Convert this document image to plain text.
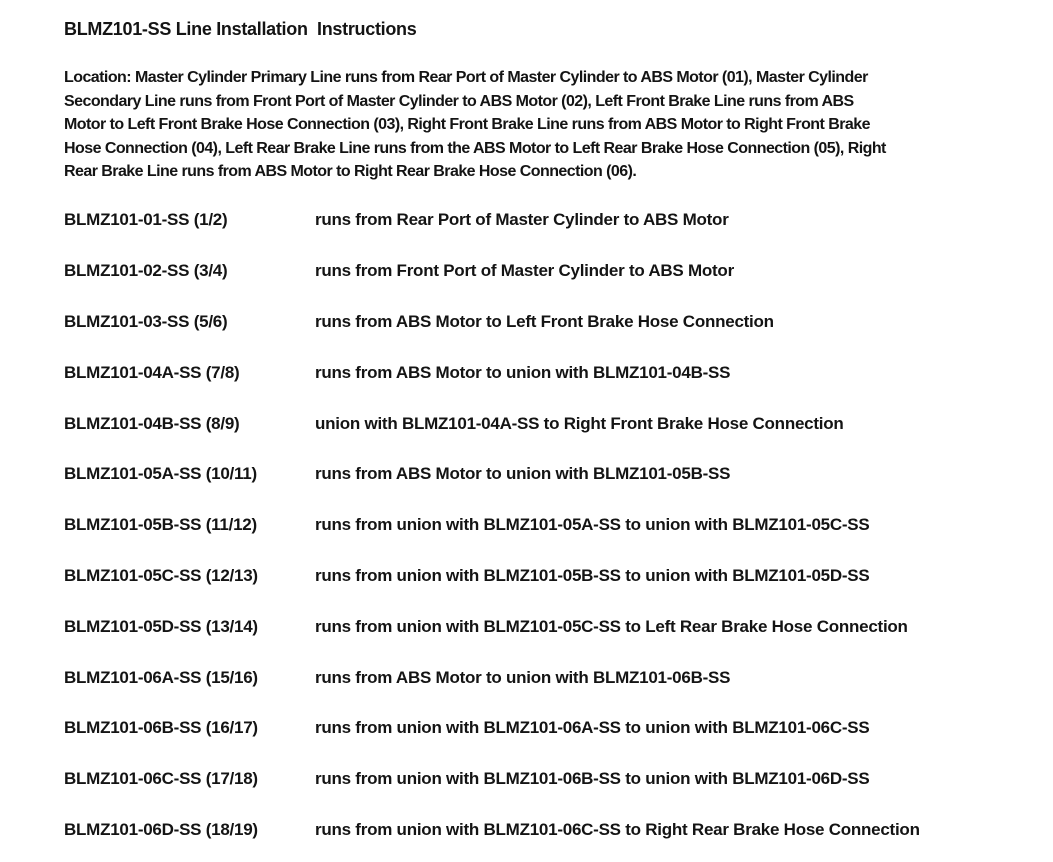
BLMZ101-SS Line Installation  Instructions
Location: Master Cylinder Primary Line runs from Rear Port of Master Cylinder to ABS Motor (01), Master Cylinder
Secondary Line runs from Front Port of Master Cylinder to ABS Motor (02), Left Front Brake Line runs from ABS
Motor to Left Front Brake Hose Connection (03), Right Front Brake Line runs from ABS Motor to Right Front Brake
Hose Connection (04), Left Rear Brake Line runs from the ABS Motor to Left Rear Brake Hose Connection (05), Right
Rear Brake Line runs from ABS Motor to Right Rear Brake Hose Connection (06).
BLMZ101-01-SS (1/2)	runs from Rear Port of Master Cylinder to ABS Motor
BLMZ101-02-SS (3/4)	runs from Front Port of Master Cylinder to ABS Motor
BLMZ101-03-SS (5/6)	runs from ABS Motor to Left Front Brake Hose Connection
BLMZ101-04A-SS (7/8)	runs from ABS Motor to union with BLMZ101-04B-SS
BLMZ101-04B-SS (8/9)	union with BLMZ101-04A-SS to Right Front Brake Hose Connection
BLMZ101-05A-SS (10/11)	runs from ABS Motor to union with BLMZ101-05B-SS
BLMZ101-05B-SS (11/12)	runs from union with BLMZ101-05A-SS to union with BLMZ101-05C-SS
BLMZ101-05C-SS (12/13)	runs from union with BLMZ101-05B-SS to union with BLMZ101-05D-SS
BLMZ101-05D-SS (13/14)	runs from union with BLMZ101-05C-SS to Left Rear Brake Hose Connection
BLMZ101-06A-SS (15/16)	runs from ABS Motor to union with BLMZ101-06B-SS
BLMZ101-06B-SS (16/17)	runs from union with BLMZ101-06A-SS to union with BLMZ101-06C-SS
BLMZ101-06C-SS (17/18)	runs from union with BLMZ101-06B-SS to union with BLMZ101-06D-SS
BLMZ101-06D-SS (18/19)	runs from union with BLMZ101-06C-SS to Right Rear Brake Hose Connection
